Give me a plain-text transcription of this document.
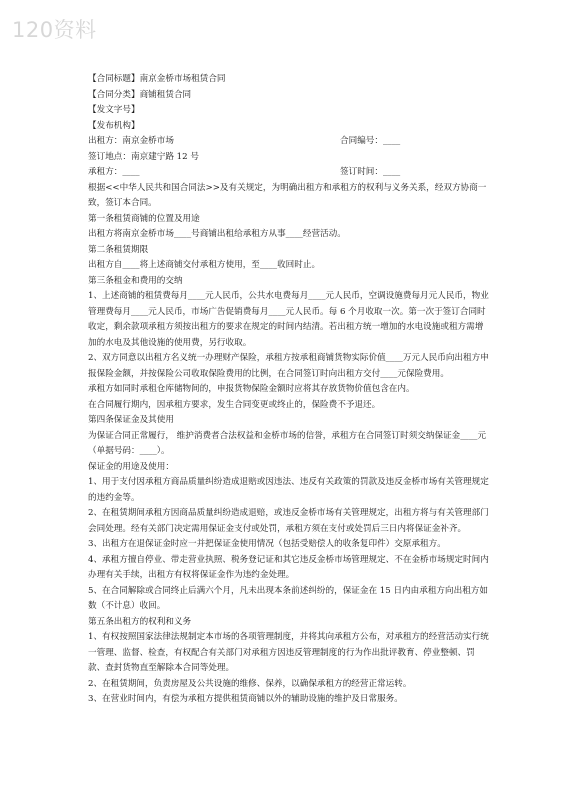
120资料

【合同标题】南京金桥市场租赁合同

【合同分类】商铺租赁合同

【发文字号】

【发布机构】

出租方：南京金桥市场	合同编号：____

签订地点：南京建宁路 12 号

承租方：____	签订时间：____

根据<<中华人民共和国合同法>>及有关规定，为明确出租方和承租方的权利与义务关系，经双方协商一致，签订本合同。

第一条租赁商铺的位置及用途

出租方将南京金桥市场____号商铺出租给承租方从事____经营活动。

第二条租赁期限

出租方自____将上述商铺交付承租方使用，至____收回时止。

第三条租金和费用的交纳

1、上述商铺的租赁费每月____元人民币，公共水电费每月____元人民币，空调设施费每月元人民币，物业管理费每月____元人民币，市场广告促销费每月____元人民币。每 6 个月收取一次。第一次于签订合同时收定，剩余款项承租方须按出租方的要求在规定的时间内结清。若出租方统一增加的水电设施或租方需增加的水电及其他设施的使用费，另行收取。

2、双方同意以出租方名义统一办理财产保险，承租方按承租商铺货物实际价值____万元人民币向出租方申报保险金额，并按保险公司收取保险费用的比例，在合同签订时向出租方交付____元保险费用。

承租方如同时承租仓库储物间的，申报货物保险金额时应将其存放货物价值包含在内。

在合同履行期内，因承租方要求，发生合同变更或终止的，保险费不予退还。

第四条保证金及其使用

为保证合同正常履行， 维护消费者合法权益和金桥市场的信誉，承租方在合同签订时须交纳保证金____元（单据号码：____）。

保证金的用途及使用：

1、用于支付因承租方商品质量纠纷造成退赔或因违法、违反有关政策的罚款及违反金桥市场有关管理规定的违约金等。

2、在租赁期间承租方因商品质量纠纷造成退赔，或违反金桥市场有关管理规定，出租方将与有关管理部门会同处理。经有关部门决定需用保证金支付或处罚，承租方须在支付或处罚后三日内将保证金补齐。

3、出租方在退保证金时应一并把保证金使用情况（包括受赔偿人的收条复印件）交原承租方。

4、承租方擅自停业、带走营业执照、税务登记证和其它违反金桥市场管理规定、不在金桥市场规定时间内办理有关手续，出租方有权将保证金作为违约金处理。

5、在合同解除或合同终止后满六个月，凡未出现本条前述纠纷的，保证金在 15 日内由承租方向出租方如数（不计息）收回。

第五条出租方的权利和义务

1、有权按照国家法律法规制定本市场的各项管理制度，并将其向承租方公布，对承租方的经营活动实行统一管理、监督、检查，有权配合有关部门对承租方因违反管理制度的行为作出批评教育、停业整顿、罚款、查封货物直至解除本合同等处理。

2、在租赁期间，负责房屋及公共设施的维修、保养，以确保承租方的经营正常运转。

3、在营业时间内，有偿为承租方提供租赁商铺以外的辅助设施的维护及日常服务。
